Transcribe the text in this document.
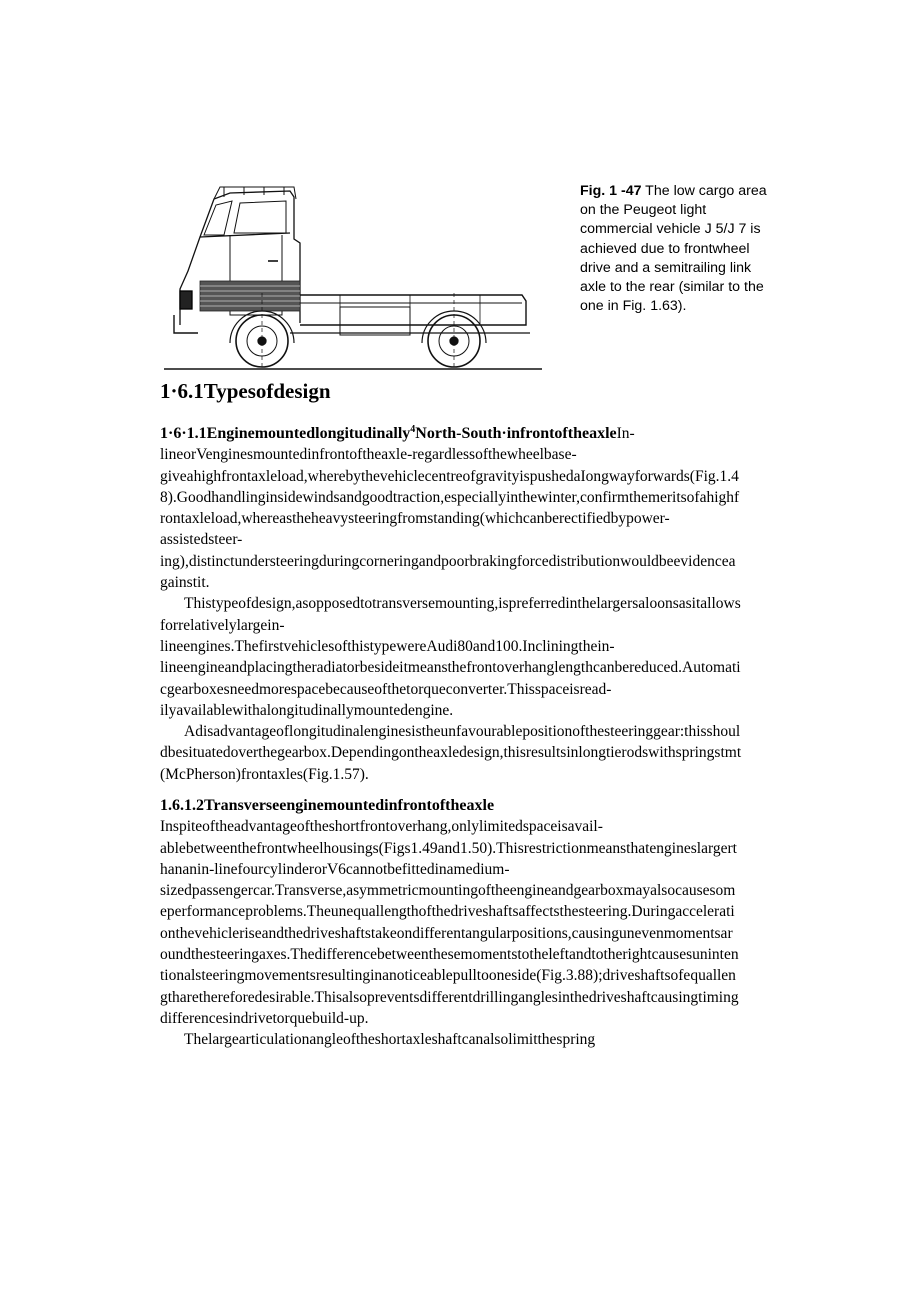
Fig. 1 -47 The low cargo area
on the Peugeot light
commercial vehicle J 5/J 7 is
achieved due to frontwheel
drive and a semitrailing link
axle to the rear (similar to the
one in Fig. 1.63).
1·6.1Typesofdesign
1·6·1.1Enginemountedlongitudinally$^4$North-South·infrontoftheaxleIn-
lineorVenginesmountedinfrontoftheaxle-regardlessofthewheelbase-
giveahighfrontaxleload,wherebythevehiclecentreofgravityispushedaIongwayforwards(Fig.1.4
8).Goodhandlinginsidewindsandgoodtraction,especiallyinthewinter,confirmthemeritsofahighf
rontaxleload,whereastheheavysteeringfromstanding(whichcanberectifiedbypower-
assistedsteer-
ing),distinctundersteeringduringcorneringandpoorbrakingforcedistributionwouldbeevidencea
gainstit.
Thistypeofdesign,asopposedtotransversemounting,ispreferredinthelargersaloonsasitallows
forrelativelylargein-
lineengines.ThefirstvehiclesofthistypewereAudi80and100.Incliningthein-
lineengineandplacingtheradiatorbesideitmeansthefrontoverhanglengthcanbereduced.Automati
cgearboxesneedmorespacebecauseofthetorqueconverter.Thisspaceisread-
ilyavailablewithalongitudinallymountedengine.
Adisadvantageoflongitudinalenginesistheunfavourablepositionofthesteeringgear:thisshoul
dbesituatedoverthegearbox.Dependingontheaxledesign,thisresultsinlongtierodswithspringstmt
(McPherson)frontaxles(Fig.1.57).
1.6.1.2Transverseenginemountedinfrontoftheaxle
Inspiteoftheadvantageoftheshortfrontoverhang,onlylimitedspaceisavail-
ablebetweenthefrontwheelhousings(Figs1.49and1.50).Thisrestrictionmeansthatengineslargert
hananin-linefourcylinderorV6cannotbefittedinamedium-
sizedpassengercar.Transverse,asymmetricmountingoftheengineandgearboxmayalsocausesom
eperformanceproblems.Theunequallengthofthedriveshaftsaffectsthesteering.Duringaccelerati
onthevehicleriseandthedriveshaftstakeondifferentangularpositions,causingunevenmomentsar
oundthesteeringaxes.Thedifferencebetweenthesemomentstotheleftandtotherightcausesuninten
tionalsteeringmovementsresultinginanoticeablepulltooneside(Fig.3.88);driveshaftsofequallen
gtharethereforedesirable.Thisalsopreventsdifferentdrillinganglesinthedriveshaftcausingtiming
differencesindrivetorquebuild-up.
Thelargearticulationangleoftheshortaxleshaftcanalsolimitthespring
